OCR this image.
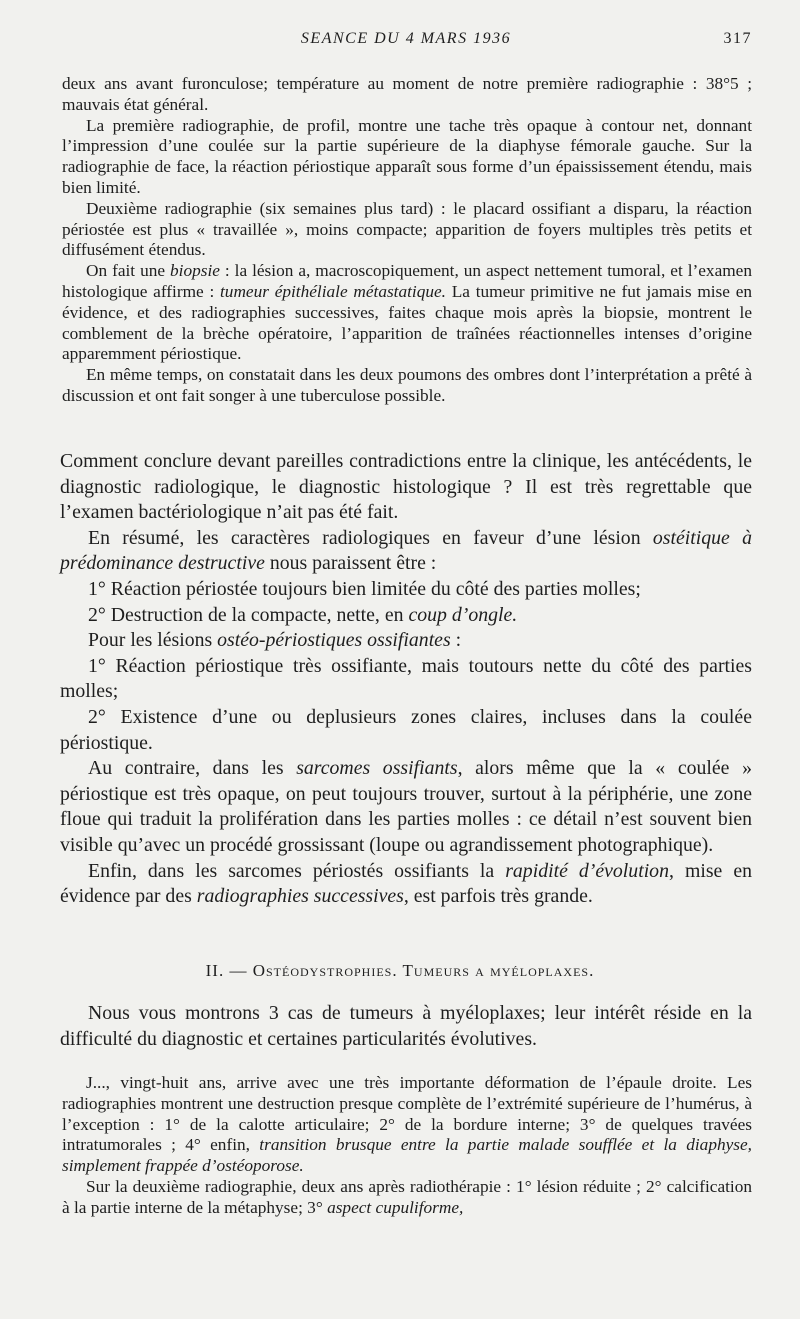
SEANCE DU 4 MARS 1936	317

deux ans avant furonculose; température au moment de notre première radiographie : 38°5 ; mauvais état général.

La première radiographie, de profil, montre une tache très opaque à contour net, donnant l’impression d’une coulée sur la partie supérieure de la diaphyse fémorale gauche. Sur la radiographie de face, la réaction périostique apparaît sous forme d’un épaississement étendu, mais bien limité.

Deuxième radiographie (six semaines plus tard) : le placard ossifiant a disparu, la réaction périostée est plus « travaillée », moins compacte; apparition de foyers multiples très petits et diffusément étendus.

On fait une biopsie : la lésion a, macroscopiquement, un aspect nettement tumoral, et l’examen histologique affirme : tumeur épithéliale métastatique. La tumeur primitive ne fut jamais mise en évidence, et des radiographies successives, faites chaque mois après la biopsie, montrent le comblement de la brèche opératoire, l’apparition de traînées réactionnelles intenses d’origine apparemment périostique.

En même temps, on constatait dans les deux poumons des ombres dont l’interprétation a prêté à discussion et ont fait songer à une tuberculose possible.

Comment conclure devant pareilles contradictions entre la clinique, les antécédents, le diagnostic radiologique, le diagnostic histologique ? Il est très regrettable que l’examen bactériologique n’ait pas été fait.

En résumé, les caractères radiologiques en faveur d’une lésion ostéitique à prédominance destructive nous paraissent être :

1° Réaction périostée toujours bien limitée du côté des parties molles;

2° Destruction de la compacte, nette, en coup d’ongle.

Pour les lésions ostéo-périostiques ossifiantes :

1° Réaction périostique très ossifiante, mais toutours nette du côté des parties molles;

2° Existence d’une ou deplusieurs zones claires, incluses dans la coulée périostique.

Au contraire, dans les sarcomes ossifiants, alors même que la « coulée » périostique est très opaque, on peut toujours trouver, surtout à la périphérie, une zone floue qui traduit la prolifération dans les parties molles : ce détail n’est souvent bien visible qu’avec un procédé grossissant (loupe ou agrandissement photographique).

Enfin, dans les sarcomes périostés ossifiants la rapidité d’évolution, mise en évidence par des radiographies successives, est parfois très grande.

II. — Ostéodystrophies. Tumeurs a myéloplaxes.

Nous vous montrons 3 cas de tumeurs à myéloplaxes; leur intérêt réside en la difficulté du diagnostic et certaines particularités évolutives.

J..., vingt-huit ans, arrive avec une très importante déformation de l’épaule droite. Les radiographies montrent une destruction presque complète de l’extrémité supérieure de l’humérus, à l’exception : 1° de la calotte articulaire; 2° de la bordure interne; 3° de quelques travées intratumorales ; 4° enfin, transition brusque entre la partie malade soufflée et la diaphyse, simplement frappée d’ostéoporose.

Sur la deuxième radiographie, deux ans après radiothérapie : 1° lésion réduite ; 2° calcification à la partie interne de la métaphyse; 3° aspect cupuliforme,
